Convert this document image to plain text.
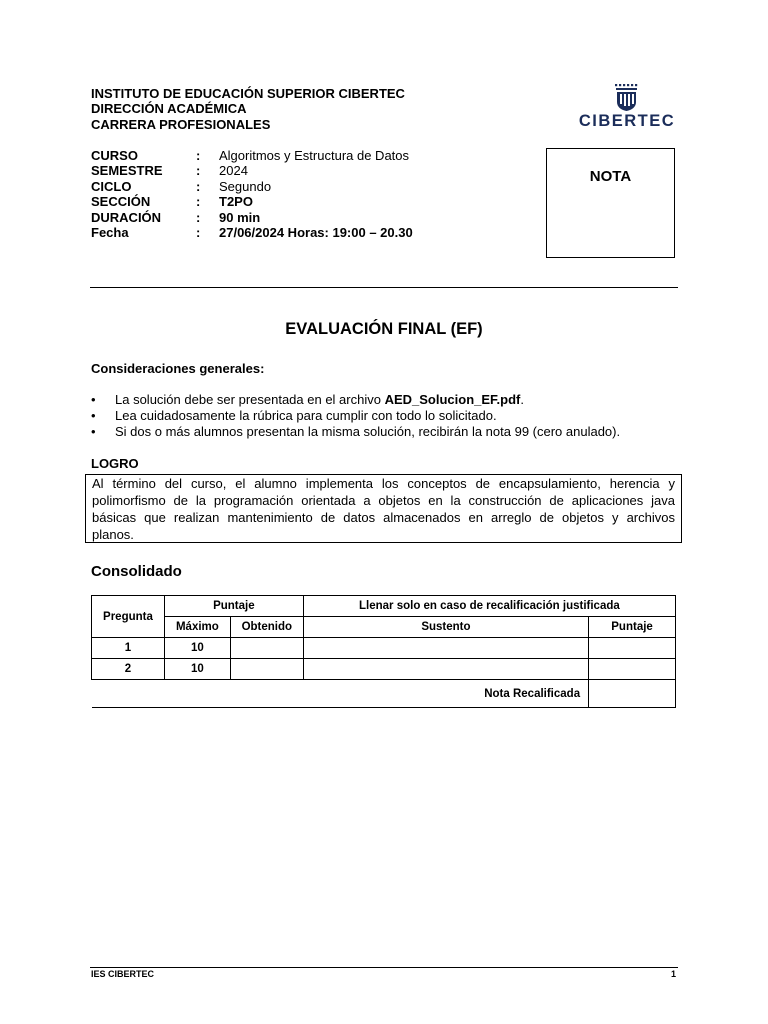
INSTITUTO DE EDUCACIÓN SUPERIOR CIBERTEC
DIRECCIÓN ACADÉMICA
CARRERA PROFESIONALES	CIBERTEC
CURSO	: Algoritmos y Estructura de Datos
SEMESTRE	: 2024
CICLO	: Segundo
SECCIÓN	: T2PO
DURACIÓN	: 90 min
Fecha	: 27/06/2024 Horas: 19:00 – 20.30
NOTA
EVALUACIÓN FINAL (EF)
Consideraciones generales:
• La solución debe ser presentada en el archivo AED_Solucion_EF.pdf.
• Lea cuidadosamente la rúbrica para cumplir con todo lo solicitado.
• Si dos o más alumnos presentan la misma solución, recibirán la nota 99 (cero anulado).
LOGRO
Al término del curso, el alumno implementa los conceptos de encapsulamiento, herencia y
polimorfismo de la programación orientada a objetos en la construcción de aplicaciones java
básicas que realizan mantenimiento de datos almacenados en arreglo de objetos y archivos
planos.
Consolidado
Pregunta	Puntaje		Llenar solo en caso de recalificación justificada	
	Máximo	Obtenido	Sustento	Puntaje
1	10			
2	10			
Nota Recalificada				
IES CIBERTEC	1
